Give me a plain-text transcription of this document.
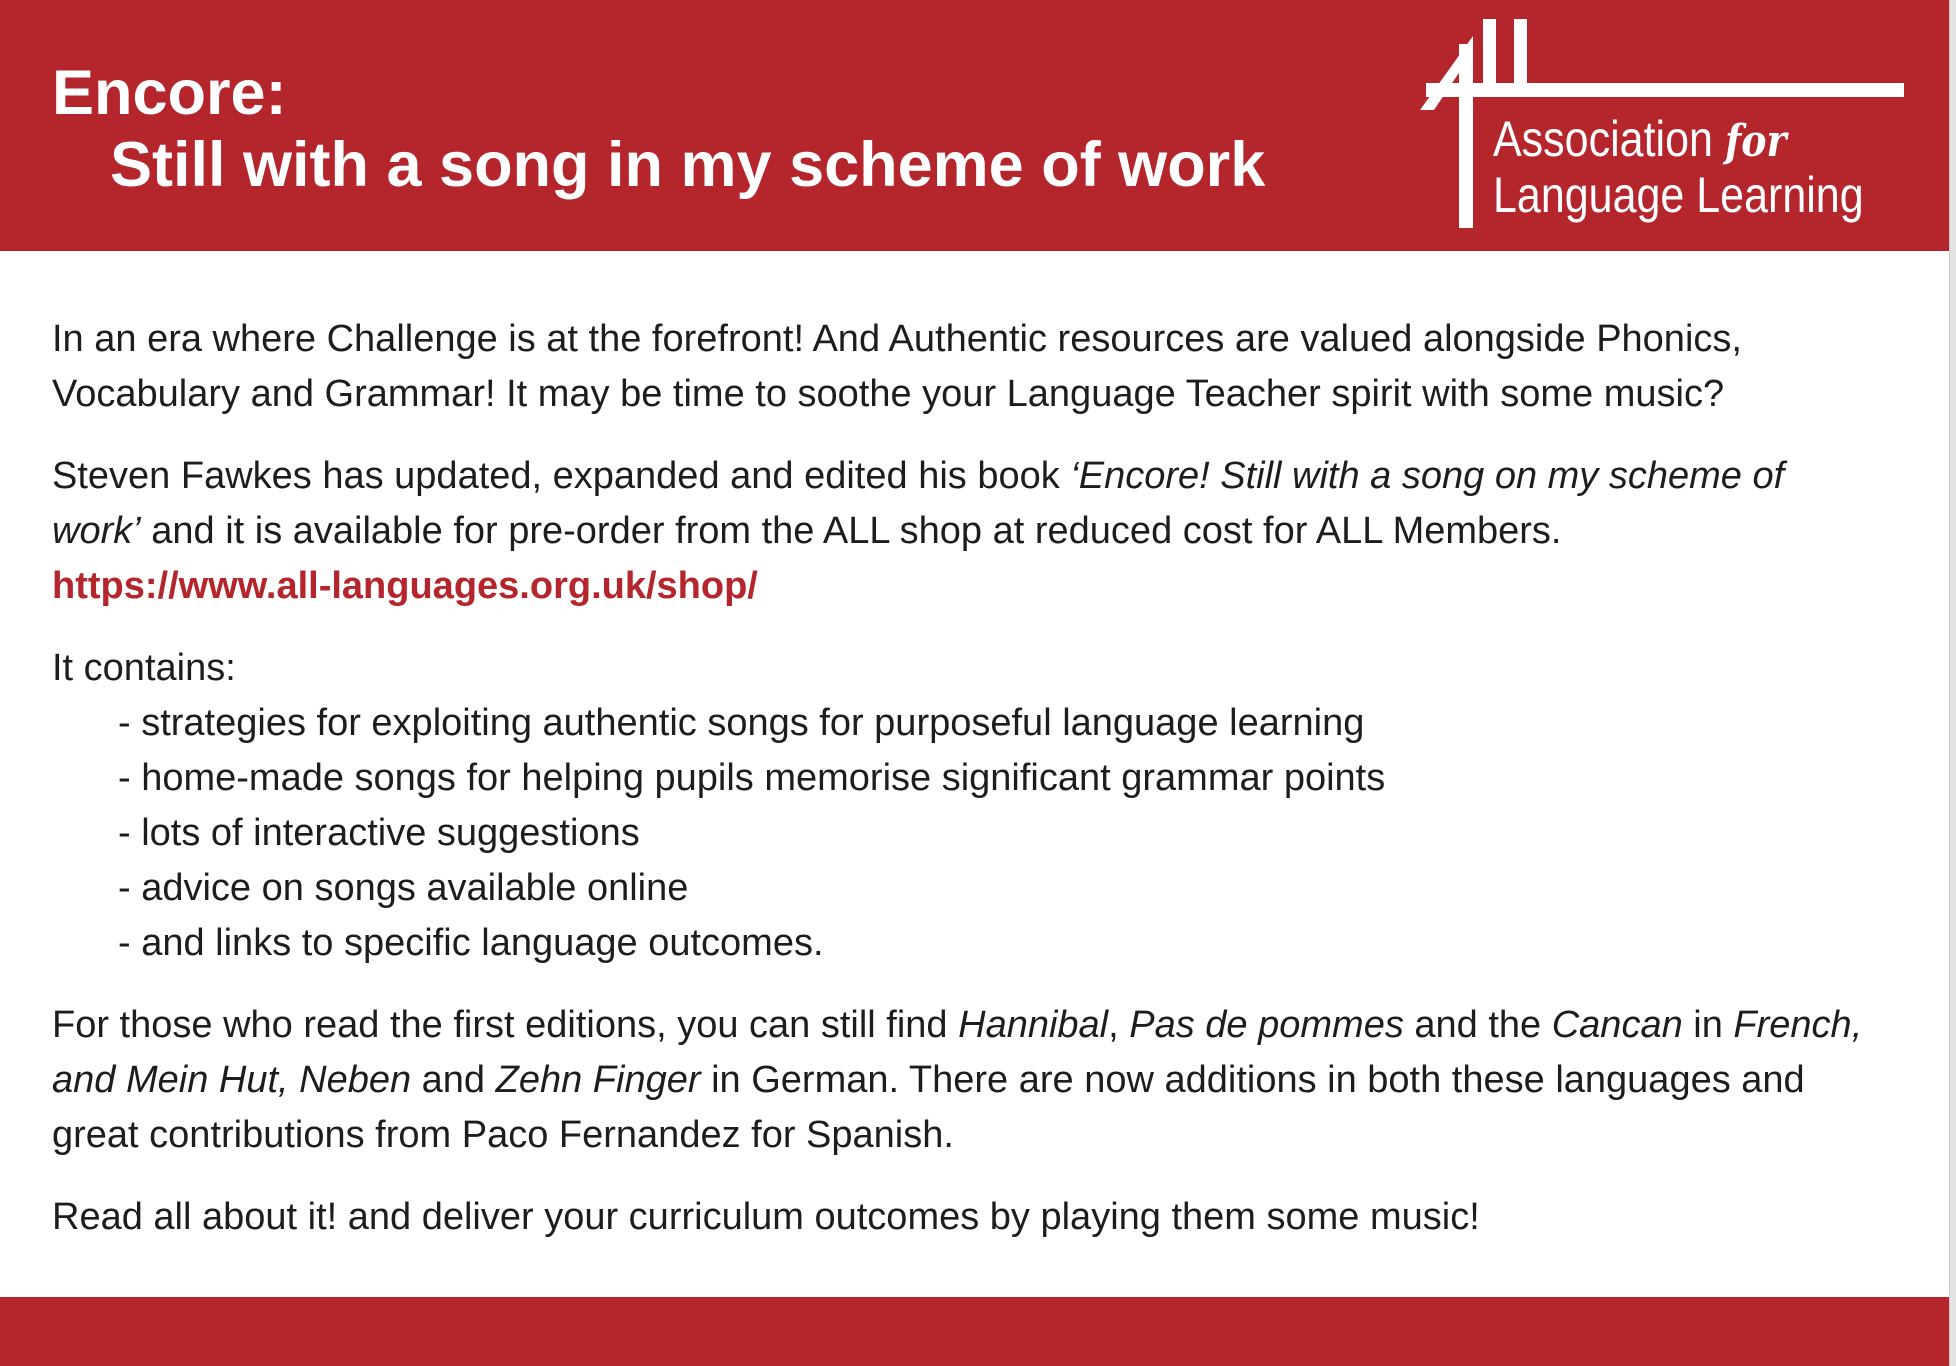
Encore:
Still with a song in my scheme of work	Association for
Language Learning

In an era where Challenge is at the forefront! And Authentic resources are valued alongside Phonics,
Vocabulary and Grammar! It may be time to soothe your Language Teacher spirit with some music?

Steven Fawkes has updated, expanded and edited his book ‘Encore! Still with a song on my scheme of
work’ and it is available for pre-order from the ALL shop at reduced cost for ALL Members.
https://www.all-languages.org.uk/shop/

It contains:
- strategies for exploiting authentic songs for purposeful language learning
- home-made songs for helping pupils memorise significant grammar points
- lots of interactive suggestions
- advice on songs available online
- and links to specific language outcomes.

For those who read the first editions, you can still find Hannibal, Pas de pommes and the Cancan in French,
and Mein Hut, Neben and Zehn Finger in German. There are now additions in both these languages and
great contributions from Paco Fernandez for Spanish.

Read all about it! and deliver your curriculum outcomes by playing them some music!
